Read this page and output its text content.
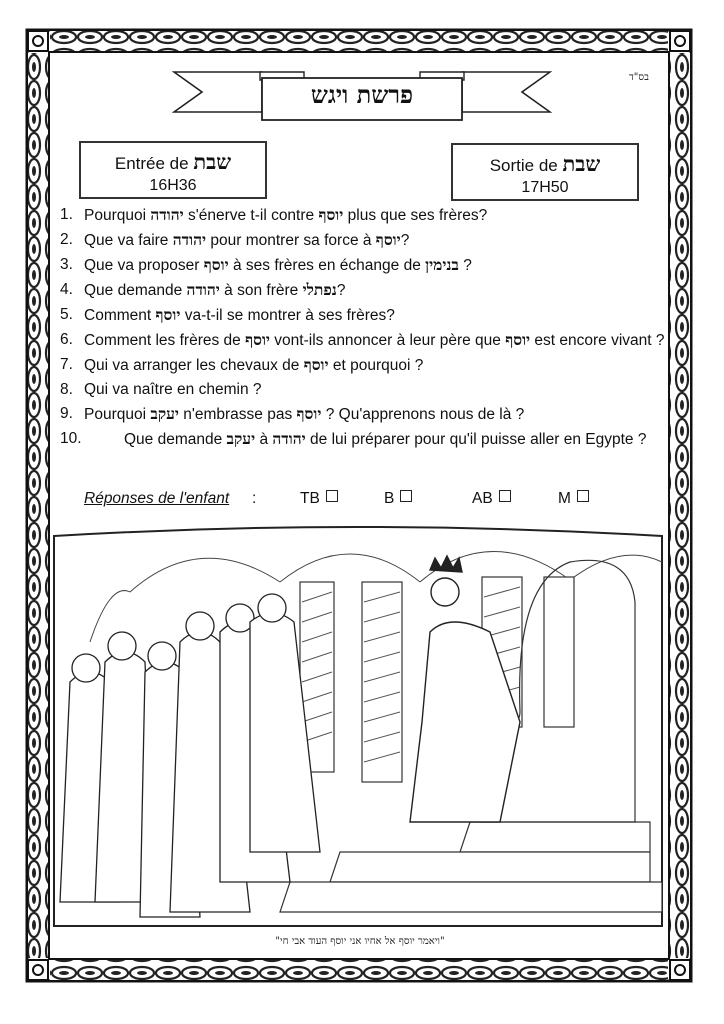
בס"ד
פרשת ויגש
Entrée de שבת
16H36
Sortie de שבת
17H50
1. Pourquoi יהודה s'énerve t-il contre יוסף plus que ses frères?
2. Que va faire יהודה pour montrer sa force à יוסף?
3. Que va proposer יוסף à ses frères en échange de בנימין ?
4. Que demande יהודה à son frère נפתלי?
5. Comment יוסף va-t-il se montrer à ses frères?
6. Comment les frères de יוסף vont-ils annoncer à leur père que יוסף est encore vivant ?
7. Qui va arranger les chevaux de יוסף et pourquoi ?
8. Qui va naître en chemin ?
9. Pourquoi יעקב n'embrasse pas יוסף ? Qu'apprenons nous de là ?
10.	Que demande יעקב à יהודה de lui préparer pour qu'il puisse aller en Egypte ?
Réponses de l'enfant :	TB	B	AB	M
"ויאמר יוסף אל אחיו אני יוסף העוד אבי חי"
